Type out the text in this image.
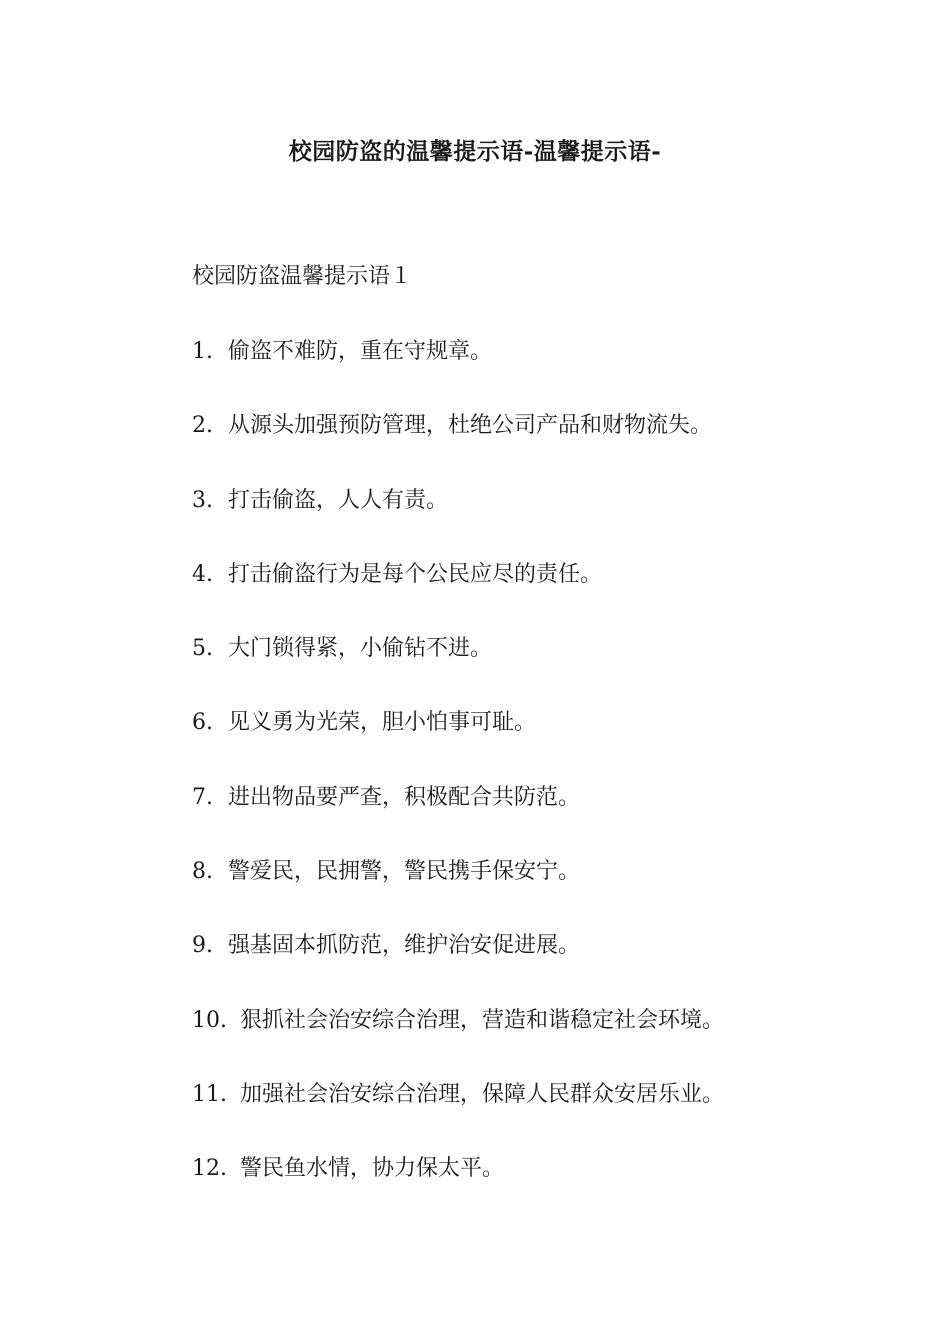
校园防盗的温馨提示语-温馨提示语-
校园防盗温馨提示语１
1. 偷盗不难防，重在守规章。
2. 从源头加强预防管理，杜绝公司产品和财物流失。
3. 打击偷盗，人人有责。
4. 打击偷盗行为是每个公民应尽的责任。
5. 大门锁得紧，小偷钻不进。
6. 见义勇为光荣，胆小怕事可耻。
7. 进出物品要严查，积极配合共防范。
8. 警爱民，民拥警，警民携手保安宁。
9. 强基固本抓防范，维护治安促进展。
10. 狠抓社会治安综合治理，营造和谐稳定社会环境。
11. 加强社会治安综合治理，保障人民群众安居乐业。
12. 警民鱼水情，协力保太平。
